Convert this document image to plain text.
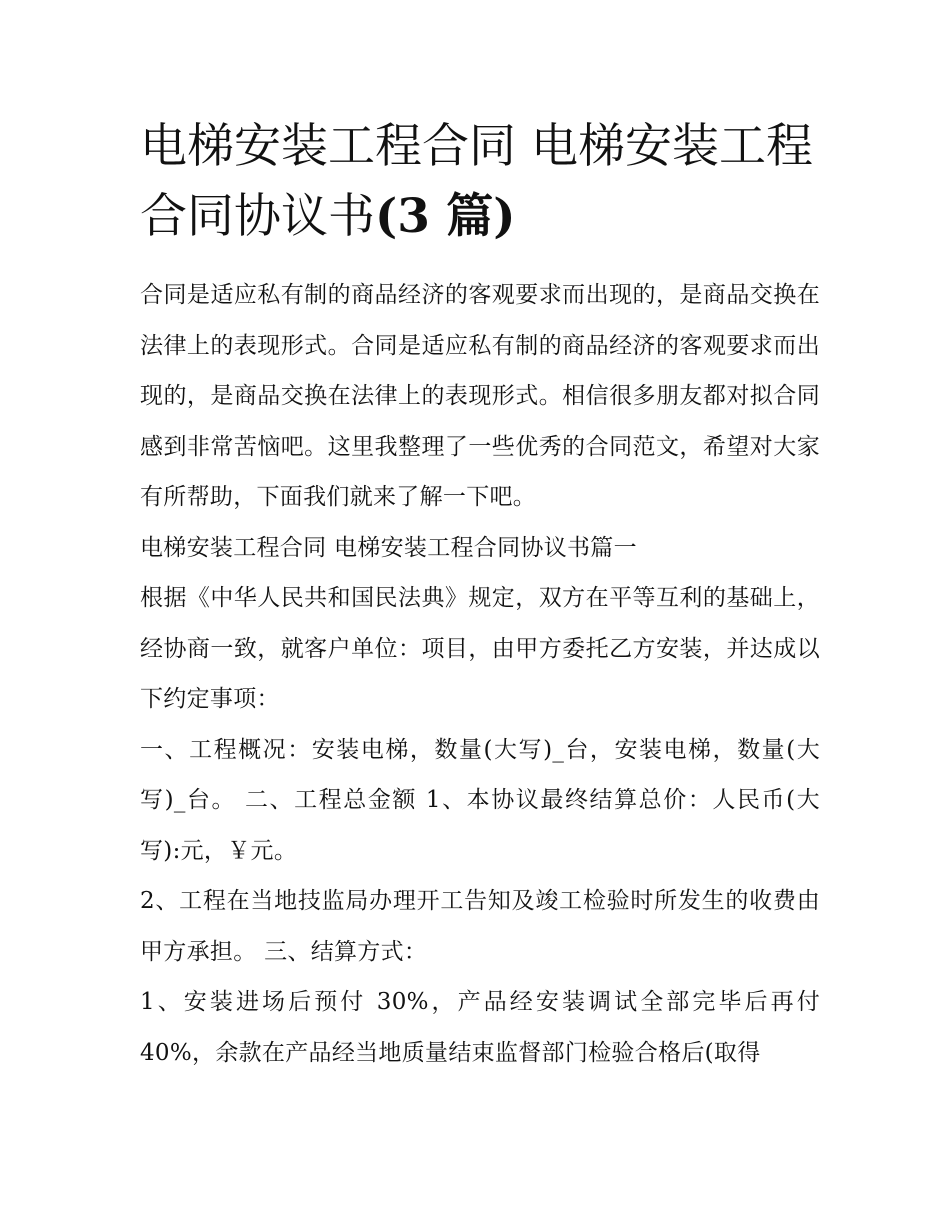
电梯安装工程合同 电梯安装工程合同协议书(3 篇)

合同是适应私有制的商品经济的客观要求而出现的，是商品交换在法律上的表现形式。合同是适应私有制的商品经济的客观要求而出现的，是商品交换在法律上的表现形式。相信很多朋友都对拟合同感到非常苦恼吧。这里我整理了一些优秀的合同范文，希望对大家有所帮助，下面我们就来了解一下吧。

电梯安装工程合同 电梯安装工程合同协议书篇一

根据《中华人民共和国民法典》规定，双方在平等互利的基础上，经协商一致，就客户单位：项目，由甲方委托乙方安装，并达成以下约定事项：

一、工程概况：安装电梯，数量(大写)_台，安装电梯，数量(大写)_台。 二、工程总金额 1、本协议最终结算总价：人民币(大写):元，￥元。

2、工程在当地技监局办理开工告知及竣工检验时所发生的收费由甲方承担。 三、结算方式：

1、安装进场后预付 30%，产品经安装调试全部完毕后再付 40%，余款在产品经当地质量结束监督部门检验合格后(取得
